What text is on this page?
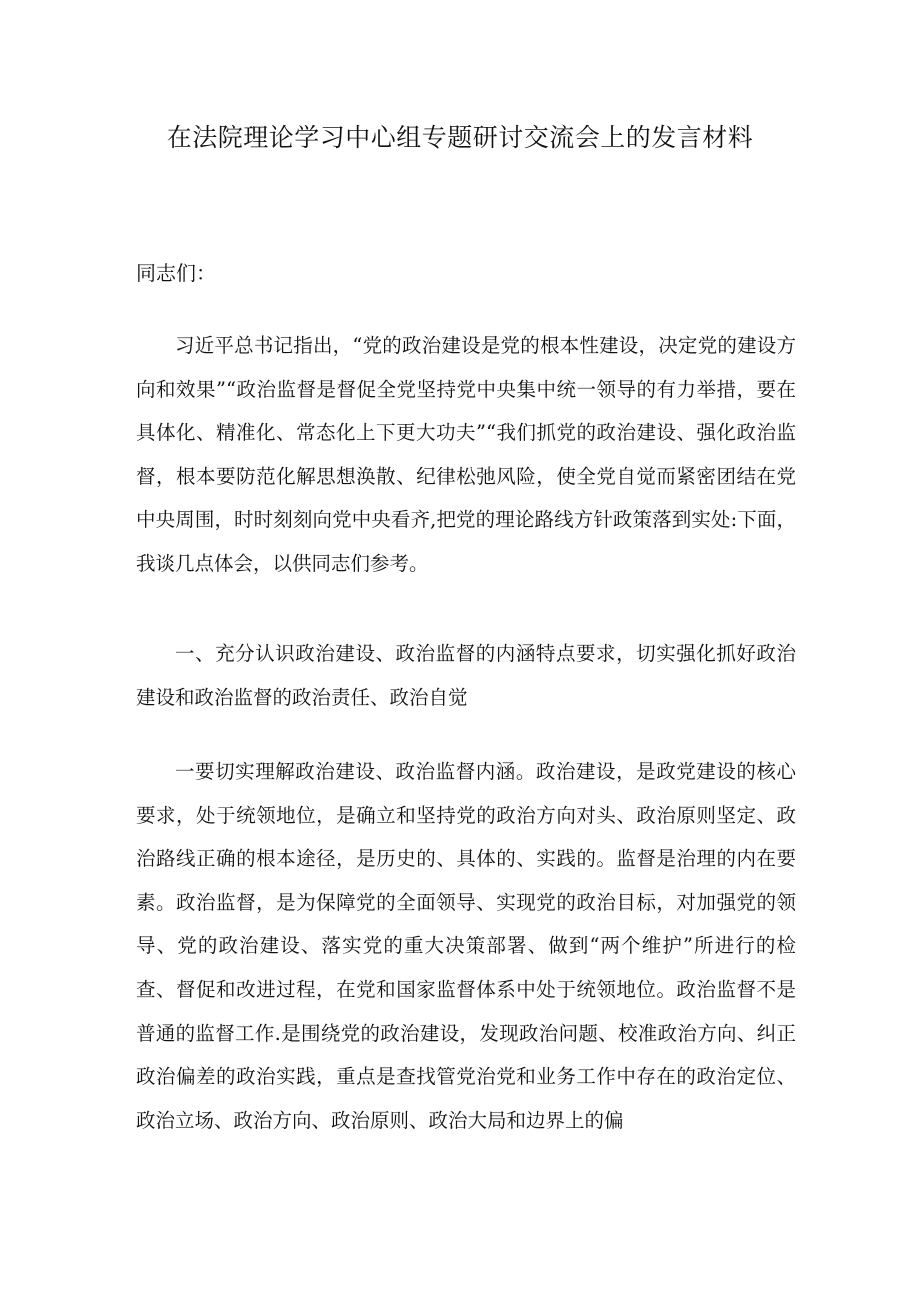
在法院理论学习中心组专题研讨交流会上的发言材料

同志们：

习近平总书记指出，“党的政治建设是党的根本性建设，决定党的建设方向和效果”“政治监督是督促全党坚持党中央集中统一领导的有力举措，要在具体化、精准化、常态化上下更大功夫”“我们抓党的政治建设、强化政治监督，根本要防范化解思想涣散、纪律松弛风险，使全党自觉而紧密团结在党中央周围，时时刻刻向党中央看齐,把党的理论路线方针政策落到实处:下面，我谈几点体会，以供同志们参考。

一、充分认识政治建设、政治监督的内涵特点要求，切实强化抓好政治建设和政治监督的政治责任、政治自觉

一要切实理解政治建设、政治监督内涵。政治建设，是政党建设的核心要求，处于统领地位，是确立和坚持党的政治方向对头、政治原则坚定、政治路线正确的根本途径，是历史的、具体的、实践的。监督是治理的内在要素。政治监督，是为保障党的全面领导、实现党的政治目标，对加强党的领导、党的政治建设、落实党的重大决策部署、做到“两个维护”所进行的检查、督促和改进过程，在党和国家监督体系中处于统领地位。政治监督不是普通的监督工作.是围绕党的政治建设，发现政治问题、校准政治方向、纠正政治偏差的政治实践，重点是查找管党治党和业务工作中存在的政治定位、政治立场、政治方向、政治原则、政治大局和边界上的偏
